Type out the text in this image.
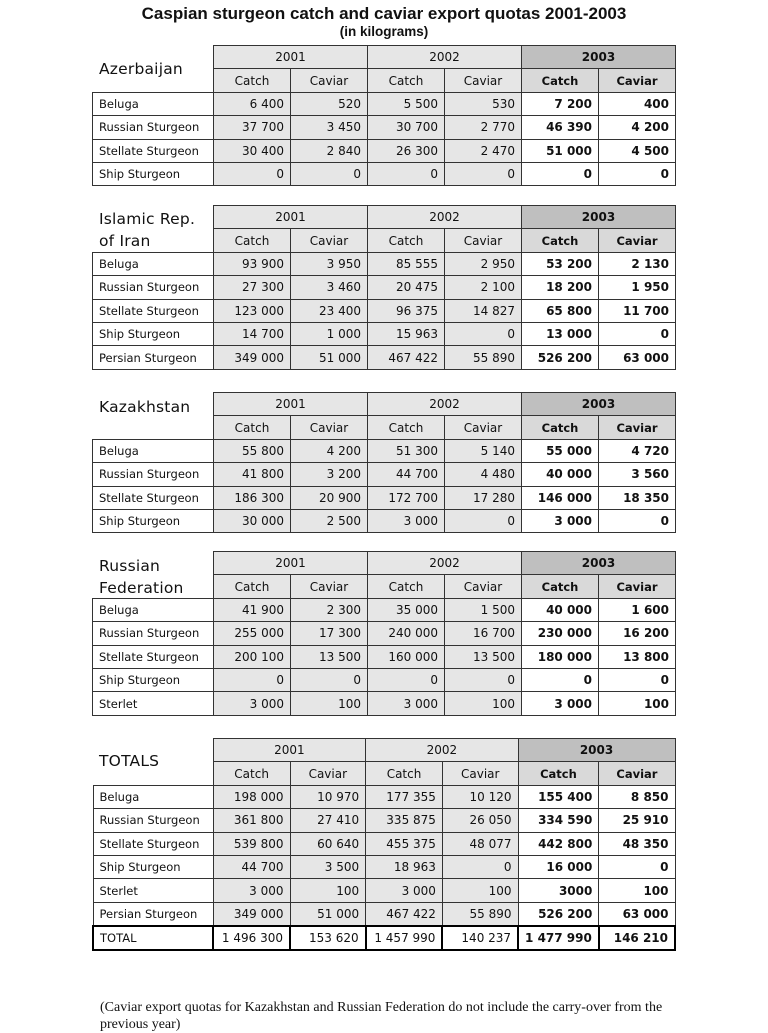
Caspian sturgeon catch and caviar export quotas 2001-2003
(in kilograms)
	2001		2002		2003	
	Catch	Caviar	Catch	Caviar	Catch	Caviar
Beluga	6 400	520	5 500	530	7 200	400
Russian Sturgeon	37 700	3 450	30 700	2 770	46 390	4 200
Stellate Sturgeon	30 400	2 840	26 300	2 470	51 000	4 500
Ship Sturgeon	0	0	0	0	0	0
Azerbaijan
	2001		2002		2003	
	Catch	Caviar	Catch	Caviar	Catch	Caviar
Beluga	93 900	3 950	85 555	2 950	53 200	2 130
Russian Sturgeon	27 300	3 460	20 475	2 100	18 200	1 950
Stellate Sturgeon	123 000	23 400	96 375	14 827	65 800	11 700
Ship Sturgeon	14 700	1 000	15 963	0	13 000	0
Persian Sturgeon	349 000	51 000	467 422	55 890	526 200	63 000
Islamic Rep. of Iran
	2001		2002		2003	
	Catch	Caviar	Catch	Caviar	Catch	Caviar
Beluga	55 800	4 200	51 300	5 140	55 000	4 720
Russian Sturgeon	41 800	3 200	44 700	4 480	40 000	3 560
Stellate Sturgeon	186 300	20 900	172 700	17 280	146 000	18 350
Ship Sturgeon	30 000	2 500	3 000	0	3 000	0
Kazakhstan
	2001		2002		2003	
	Catch	Caviar	Catch	Caviar	Catch	Caviar
Beluga	41 900	2 300	35 000	1 500	40 000	1 600
Russian Sturgeon	255 000	17 300	240 000	16 700	230 000	16 200
Stellate Sturgeon	200 100	13 500	160 000	13 500	180 000	13 800
Ship Sturgeon	0	0	0	0	0	0
Sterlet	3 000	100	3 000	100	3 000	100
Russian Federation
	2001		2002		2003	
	Catch	Caviar	Catch	Caviar	Catch	Caviar
Beluga	198 000	10 970	177 355	10 120	155 400	8 850
Russian Sturgeon	361 800	27 410	335 875	26 050	334 590	25 910
Stellate Sturgeon	539 800	60 640	455 375	48 077	442 800	48 350
Ship Sturgeon	44 700	3 500	18 963	0	16 000	0
Sterlet	3 000	100	3 000	100	3000	100
Persian Sturgeon	349 000	51 000	467 422	55 890	526 200	63 000
TOTAL	1 496 300	153 620	1 457 990	140 237	1 477 990	146 210
TOTALS
(Caviar export quotas for Kazakhstan and Russian Federation do not include the carry-over from the previous year)
